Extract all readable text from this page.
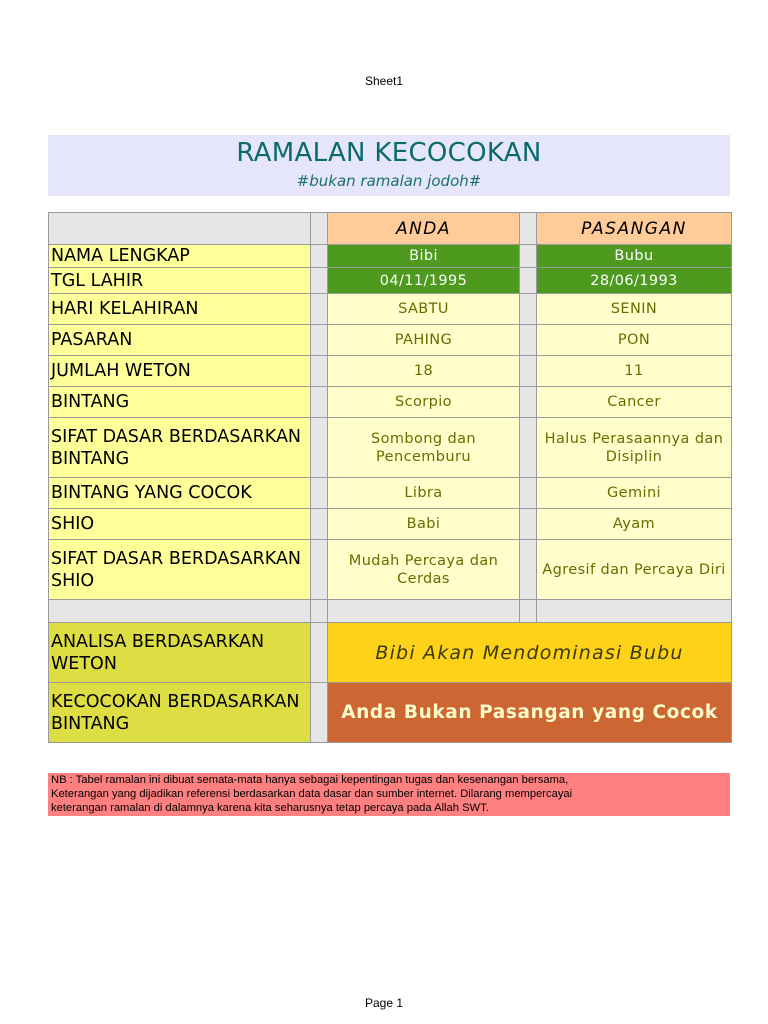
Sheet1
RAMALAN KECOCOKAN
#bukan ramalan jodoh#
		ANDA		PASANGAN
NAMA LENGKAP		Bibi		Bubu
TGL LAHIR		04/11/1995		28/06/1993
HARI KELAHIRAN		SABTU		SENIN
PASARAN		PAHING		PON
JUMLAH WETON		18		11
BINTANG		Scorpio		Cancer
SIFAT DASAR BERDASARKAN BINTANG		Sombong dan Pencemburu		Halus Perasaannya dan Disiplin
BINTANG YANG COCOK		Libra		Gemini
SHIO		Babi		Ayam
SIFAT DASAR BERDASARKAN SHIO		Mudah Percaya dan Cerdas		Agresif dan Percaya Diri

ANALISA BERDASARKAN WETON		Bibi Akan Mendominasi Bubu		
KECOCOKAN BERDASARKAN BINTANG		Anda Bukan Pasangan yang Cocok		
NB : Tabel ramalan ini dibuat semata-mata hanya sebagai kepentingan tugas dan kesenangan bersama,
Keterangan yang dijadikan referensi berdasarkan data dasar dan sumber internet. Dilarang mempercayai
keterangan ramalan di dalamnya karena kita seharusnya tetap percaya pada Allah SWT.
Page 1
